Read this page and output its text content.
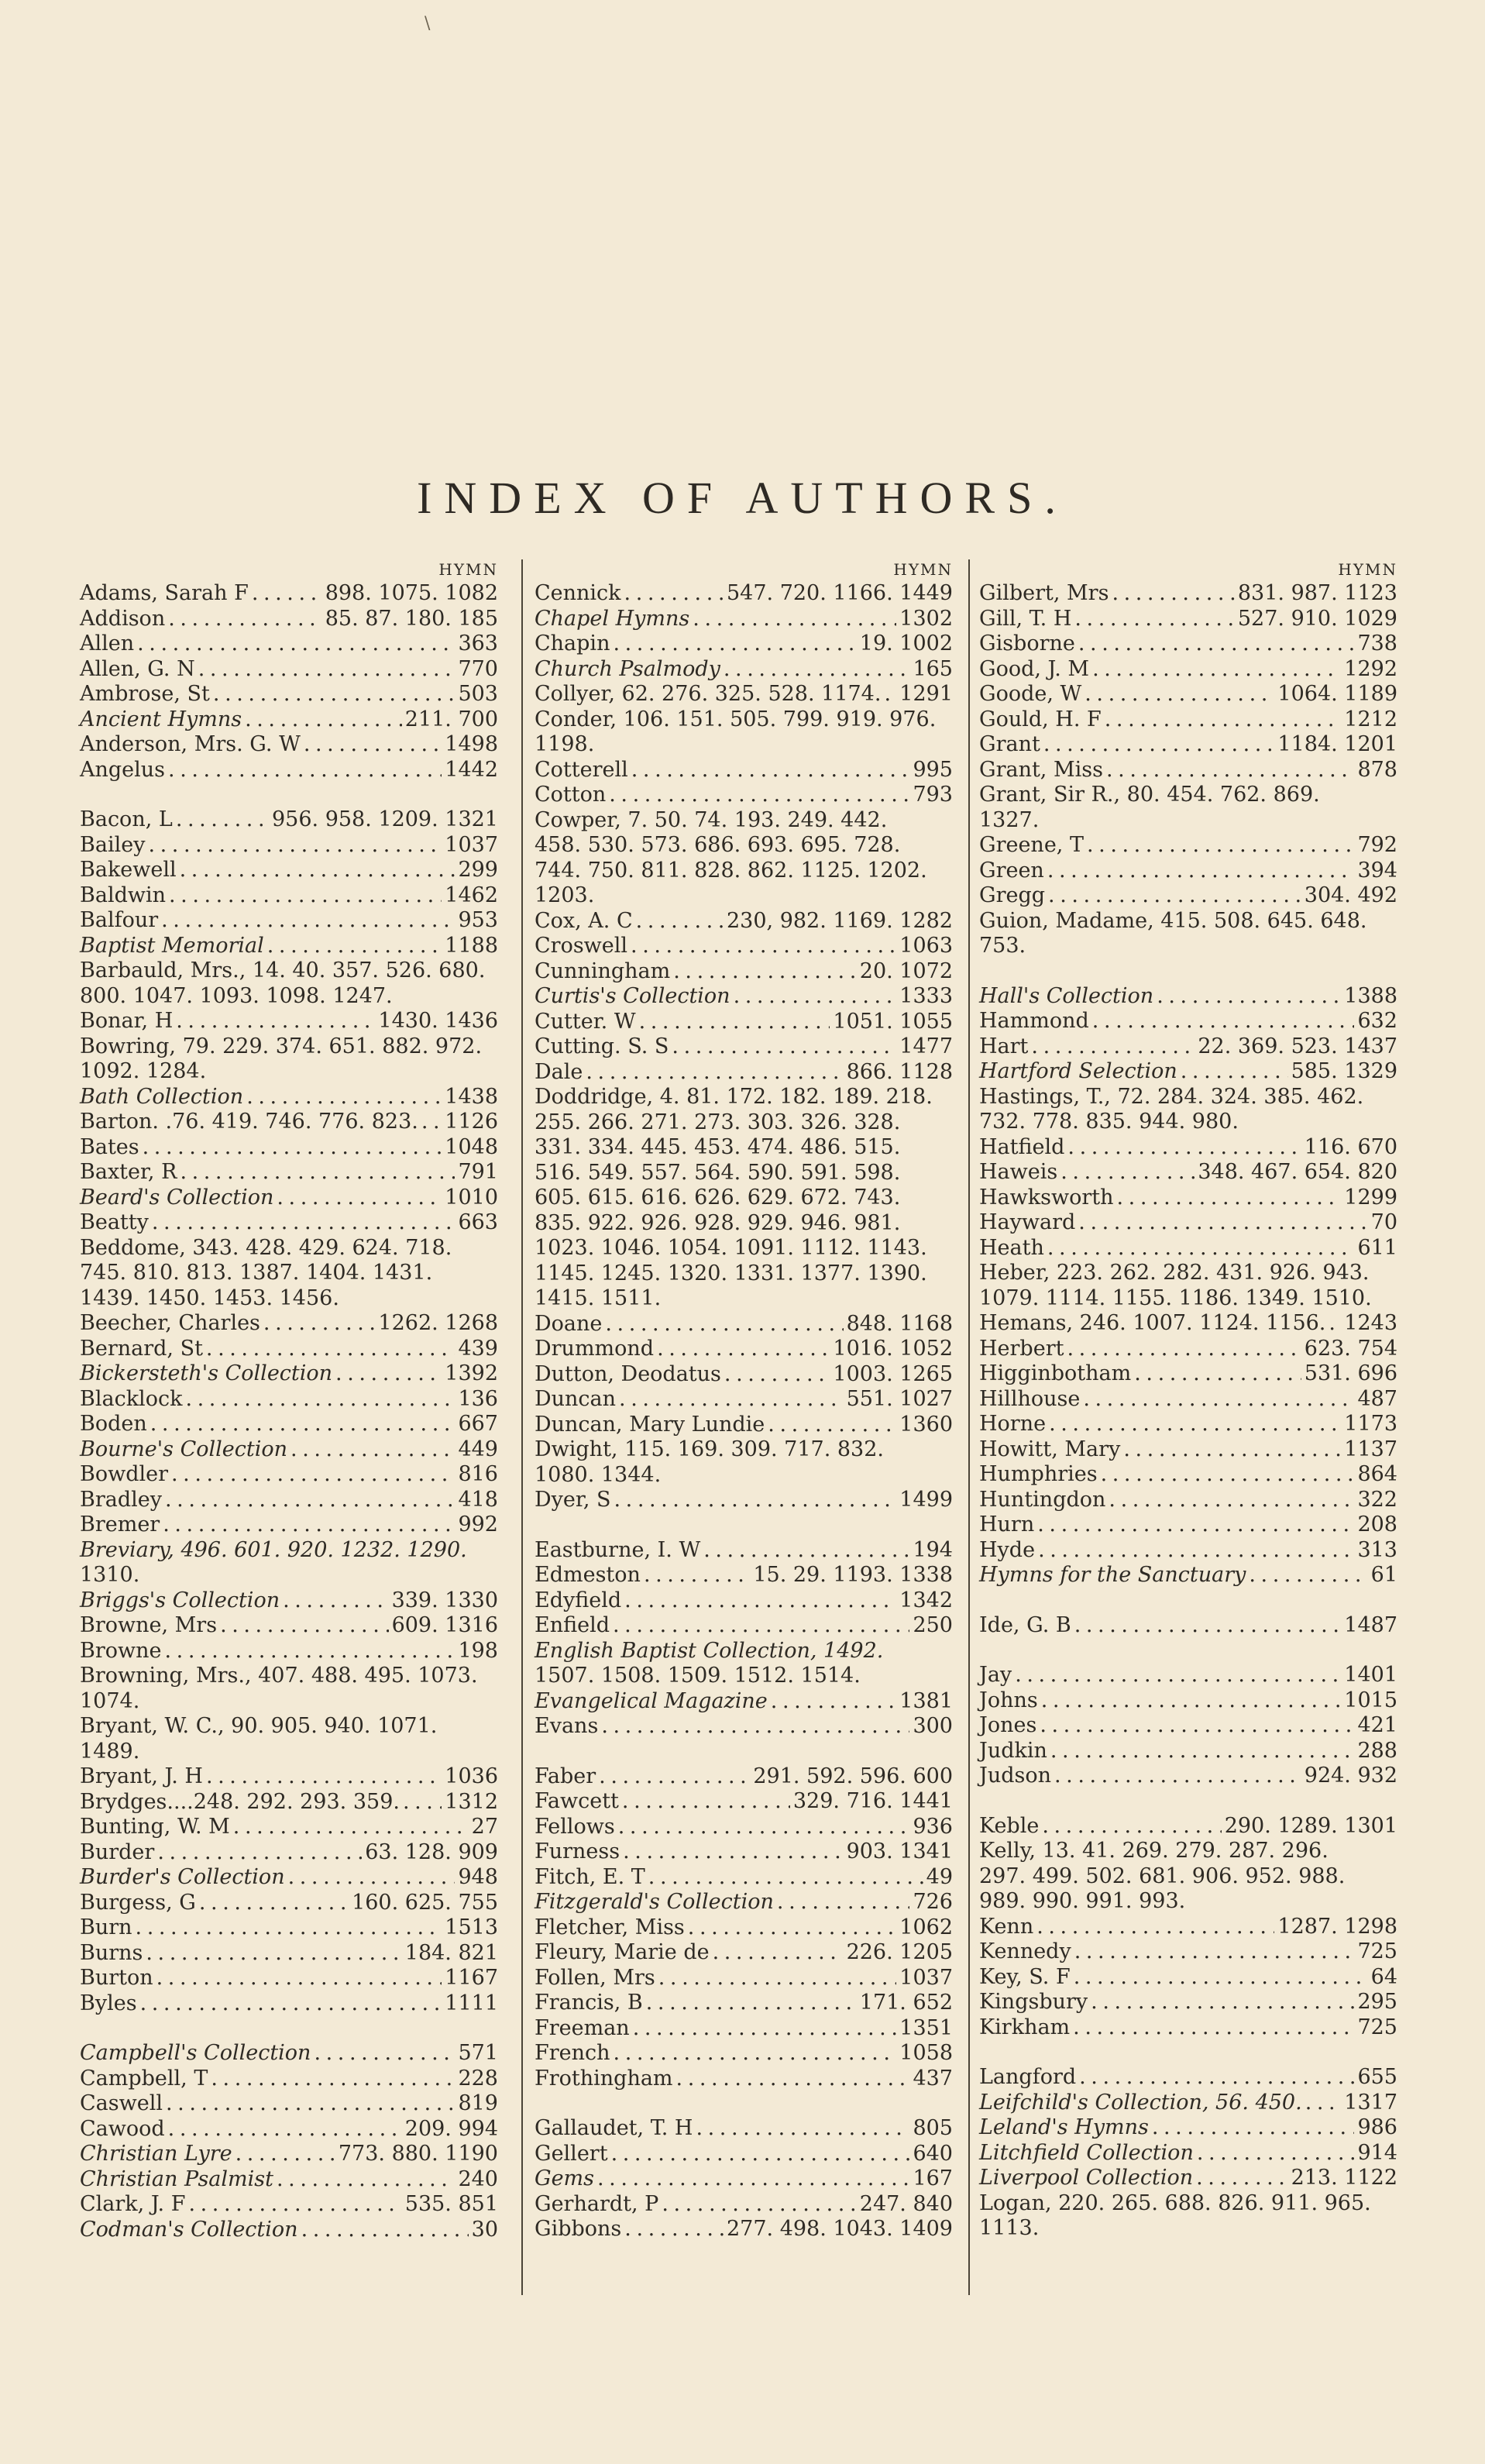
\
INDEX OF AUTHORS.
HYMN
Adams, Sarah F . . .	898. 1075. 1082
Addison . . .	85. 87. 180. 185
Allen . . .	363
Allen, G. N . . .	770
Ambrose, St . . .	503
Ancient Hymns . . .	211. 700
Anderson, Mrs. G. W . . .	1498
Angelus . . .	1442
Bacon, L . . .	956. 958. 1209. 1321
Bailey . . .	1037
Bakewell . . .	299
Baldwin . . .	1462
Balfour . . .	953
Baptist Memorial . . .	1188
Barbauld, Mrs., 14. 40. 357. 526. 680.
800. 1047. 1093. 1098. 1247.
Bonar, H . . .	1430. 1436
Bowring, 79. 229. 374. 651. 882. 972.
1092. 1284.
Bath Collection . . .	1438
Barton. .76. 419. 746. 776. 823. . . . 1126
Bates . . .	1048
Baxter, R . . .	791
Beard's Collection . . .	1010
Beatty . . .	663
Beddome, 343. 428. 429. 624. 718.
745. 810. 813. 1387. 1404. 1431. 1439. 1450. 1453. 1456.
Beecher, Charles . . .	1262. 1268
Bernard, St . . .	439
Bickersteth's Collection . . .	1392
Blacklock . . .	136
Boden . . .	667
Bourne's Collection . . .	449
Bowdler . . .	816
Bradley . . .	418
Bremer . . .	992
Breviary, 496. 601. 920. 1232. 1290.
1310.
Briggs's Collection . . .	339. 1330
Browne, Mrs . . .	609. 1316
Browne . . .	198
Browning, Mrs., 407. 488. 495. 1073.
1074.
Bryant, W. C., 90. 905. 940. 1071.
1489.
Bryant, J. H . . .	1036
Brydges....248. 292. 293. 359. . . . 1312
Bunting, W. M . . .	27
Burder . . .	63. 128. 909
Burder's Collection . . .	948
Burgess, G . . .	160. 625. 755
Burn . . .	1513
Burns . . .	184. 821
Burton . . .	1167
Byles . . .	1111
Campbell's Collection . . .	571
Campbell, T . . .	228
Caswell . . .	819
Cawood . . .	209. 994
Christian Lyre . . .	773. 880. 1190
Christian Psalmist . . .	240
Clark, J. F . . .	535. 851
Codman's Collection . . .	30
HYMN
Cennick . . .	547. 720. 1166. 1449
Chapel Hymns . . .	1302
Chapin . . .	19. 1002
Church Psalmody . . .	165
Collyer, 62. 276. 325. 528. 1174. . . . 1291
Conder, 106. 151. 505. 799. 919. 976.
1198.
Cotterell . . .	995
Cotton . . .	793
Cowper, 7. 50. 74. 193. 249. 442.
458. 530. 573. 686. 693. 695. 728. 744. 750. 811. 828. 862. 1125. 1202. 1203.
Cox, A. C . . .	230, 982. 1169. 1282
Croswell . . .	1063
Cunningham . . .	20. 1072
Curtis's Collection . . .	1333
Cutter. W . . .	1051. 1055
Cutting. S. S . . .	1477
Dale . . .	866. 1128
Doddridge, 4. 81. 172. 182. 189. 218.
255. 266. 271. 273. 303. 326. 328. 331. 334. 445. 453. 474. 486. 515. 516. 549. 557. 564. 590. 591. 598. 605. 615. 616. 626. 629. 672. 743. 835. 922. 926. 928. 929. 946. 981. 1023. 1046. 1054. 1091. 1112. 1143. 1145. 1245. 1320. 1331. 1377. 1390. 1415. 1511.
Doane . . .	848. 1168
Drummond . . .	1016. 1052
Dutton, Deodatus . . .	1003. 1265
Duncan . . .	551. 1027
Duncan, Mary Lundie . . .	1360
Dwight, 115. 169. 309. 717. 832.
1080. 1344.
Dyer, S . . .	1499
Eastburne, I. W . . .	194
Edmeston . . .	15. 29. 1193. 1338
Edyfield . . .	1342
Enfield . . .	250
English Baptist Collection, 1492.
1507. 1508. 1509. 1512. 1514.
Evangelical Magazine . . .	1381
Evans . . .	300
Faber . . .	291. 592. 596. 600
Fawcett . . .	329. 716. 1441
Fellows . . .	936
Furness . . .	903. 1341
Fitch, E. T . . .	49
Fitzgerald's Collection . . .	726
Fletcher, Miss . . .	1062
Fleury, Marie de . . .	226. 1205
Follen, Mrs . . .	1037
Francis, B . . .	171. 652
Freeman . . .	1351
French . . .	1058
Frothingham . . .	437
Gallaudet, T. H . . .	805
Gellert . . .	640
Gems . . .	167
Gerhardt, P . . .	247. 840
Gibbons . . .	277. 498. 1043. 1409
HYMN
Gilbert, Mrs . . .	831. 987. 1123
Gill, T. H . . .	527. 910. 1029
Gisborne . . .	738
Good, J. M . . .	1292
Goode, W . . .	1064. 1189
Gould, H. F . . .	1212
Grant . . .	1184. 1201
Grant, Miss . . .	878
Grant, Sir R., 80. 454. 762. 869.
1327.
Greene, T . . .	792
Green . . .	394
Gregg . . .	304. 492
Guion, Madame, 415. 508. 645. 648.
753.
Hall's Collection . . .	1388
Hammond . . .	632
Hart . . .	22. 369. 523. 1437
Hartford Selection . . .	585. 1329
Hastings, T., 72. 284. 324. 385. 462.
732. 778. 835. 944. 980.
Hatfield . . .	116. 670
Haweis . . .	348. 467. 654. 820
Hawksworth . . .	1299
Hayward . . .	70
Heath . . .	611
Heber, 223. 262. 282. 431. 926. 943.
1079. 1114. 1155. 1186. 1349. 1510.
Hemans, 246. 1007. 1124. 1156. . . . 1243
Herbert . . .	623. 754
Higginbotham . . .	531. 696
Hillhouse . . .	487
Horne . . .	1173
Howitt, Mary . . .	1137
Humphries . . .	864
Huntingdon . . .	322
Hurn . . .	208
Hyde . . .	313
Hymns for the Sanctuary . . .	61
Ide, G. B . . .	1487
Jay . . .	1401
Johns . . .	1015
Jones . . .	421
Judkin . . .	288
Judson . . .	924. 932
Keble . . .	290. 1289. 1301
Kelly, 13. 41. 269. 279. 287. 296.
297. 499. 502. 681. 906. 952. 988. 989. 990. 991. 993.
Kenn . . .	1287. 1298
Kennedy . . .	725
Key, S. F . . .	64
Kingsbury . . .	295
Kirkham . . .	725
Langford . . .	655
Leifchild's Collection, 56. 450. . . . 1317
Leland's Hymns . . .	986
Litchfield Collection . . .	914
Liverpool Collection . . .	213. 1122
Logan, 220. 265. 688. 826. 911. 965.
1113.
